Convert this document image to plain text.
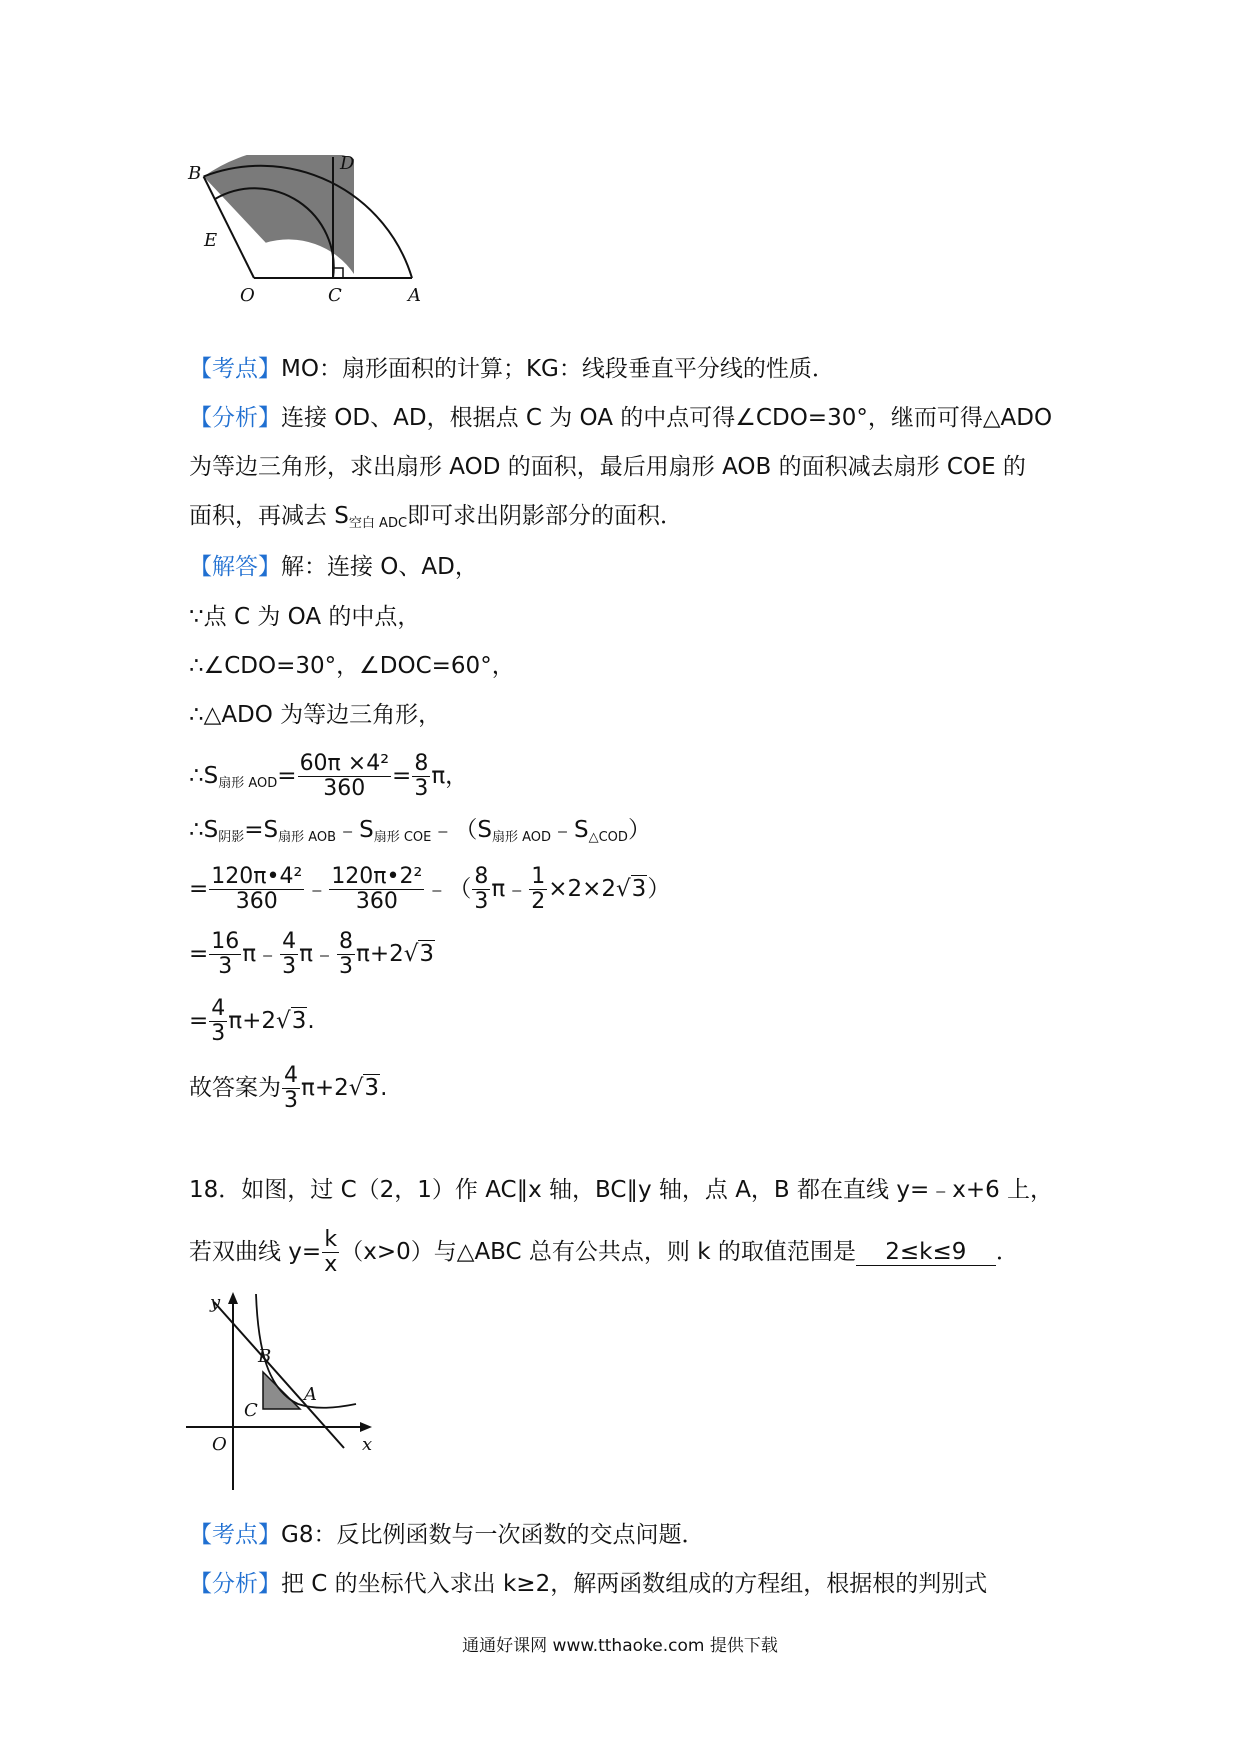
B	D
E
O	C	A
【考点】MO：扇形面积的计算；KG：线段垂直平分线的性质．
【分析】连接 OD、AD，根据点 C 为 OA 的中点可得∠CDO=30°，继而可得△ADO
为等边三角形，求出扇形 AOD 的面积，最后用扇形 AOB 的面积减去扇形 COE 的
面积，再减去 $S_{空白 ADC}$即可求出阴影部分的面积．
【解答】解：连接 O、AD，
∵点 C 为 OA 的中点，
∴∠CDO=30°，∠DOC=60°，
∴△ADO 为等边三角形，
$\therefore S_{扇形 AOD}= \frac{\text{60π ×4²}}{360} = \frac{8}{3}$ π，
$\therefore S_{阴影}=S_{扇形 AOB}﹣S_{扇形 COE}﹣(S_{扇形 AOD}﹣S_{\triangle COD})$
= $\frac{\text{120π•4²}}{360}$ ﹣ $\frac{\text{120π•2²}}{360}$ ﹣（ $\frac{8}{3}$ π﹣ $\frac{1}{2} \times 2\times 2√3$）
= $\frac{16}{3}$ π﹣ $\frac{4}{3}$ π﹣ $\frac{8}{3} \pi+2√3$
= $\frac{4}{3} \pi+2√3$.
故答案为 $\frac{4}{3} \pi+2√3$.
18．如图，过 C（2，1）作 AC∥x 轴，BC∥y 轴，点 A，B 都在直线 y=﹣x+6 上，
若双曲线 $y= \frac{k}{x} (x>0)$与△ABC 总有公共点，则 k 的取值范围是 2≤k≤9 ．
y
x
B
C
A
O
【考点】G8：反比例函数与一次函数的交点问题．
【分析】把 C 的坐标代入求出 k≥2，解两函数组成的方程组，根据根的判别式
通通好课网 www.tthaoke.com 提供下载
